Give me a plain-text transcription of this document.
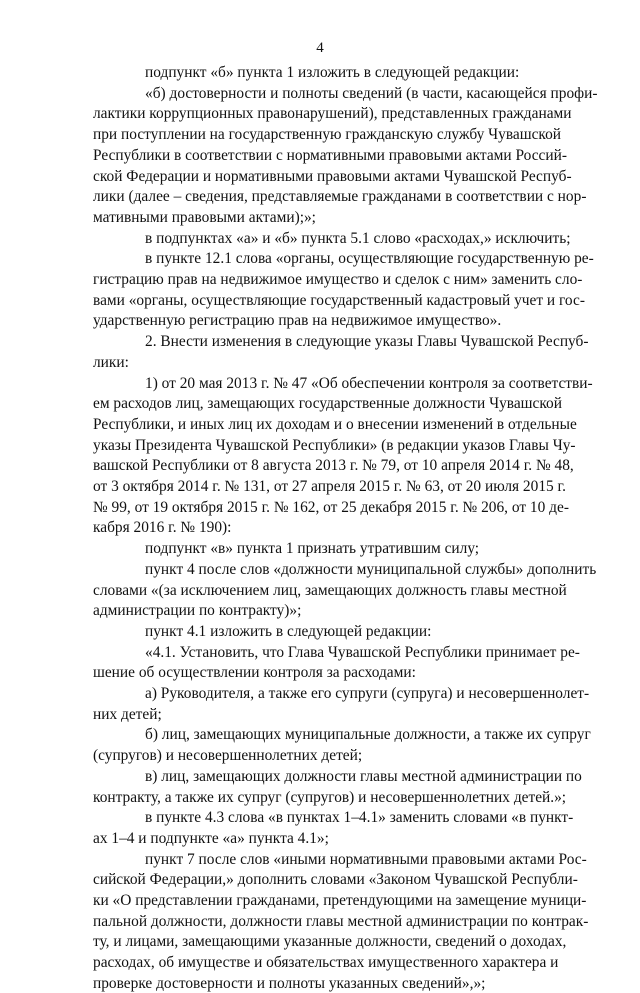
4
подпункт «б» пункта 1 изложить в следующей редакции:
«б) достоверности и полноты сведений (в части, касающейся профи-
лактики коррупционных правонарушений), представленных гражданами
при поступлении на государственную гражданскую службу Чувашской
Республики в соответствии с нормативными правовыми актами Россий-
ской Федерации и нормативными правовыми актами Чувашской Респуб-
лики (далее – сведения, представляемые гражданами в соответствии с нор-
мативными правовыми актами);»;
в подпунктах «а» и «б» пункта 5.1 слово «расходах,» исключить;
в пункте 12.1 слова «органы, осуществляющие государственную ре-
гистрацию прав на недвижимое имущество и сделок с ним» заменить сло-
вами «органы, осуществляющие государственный кадастровый учет и гос-
ударственную регистрацию прав на недвижимое имущество».
2. Внести изменения в следующие указы Главы Чувашской Респуб-
лики:
1) от 20 мая 2013 г. № 47 «Об обеспечении контроля за соответстви-
ем расходов лиц, замещающих государственные должности Чувашской
Республики, и иных лиц их доходам и о внесении изменений в отдельные
указы Президента Чувашской Республики» (в редакции указов Главы Чу-
вашской Республики от 8 августа 2013 г. № 79, от 10 апреля 2014 г. № 48,
от 3 октября 2014 г. № 131, от 27 апреля 2015 г. № 63, от 20 июля 2015 г.
№ 99, от 19 октября 2015 г. № 162, от 25 декабря 2015 г. № 206, от 10 де-
кабря 2016 г. № 190):
подпункт «в» пункта 1 признать утратившим силу;
пункт 4 после слов «должности муниципальной службы» дополнить
словами «(за исключением лиц, замещающих должность главы местной
администрации по контракту)»;
пункт 4.1 изложить в следующей редакции:
«4.1. Установить, что Глава Чувашской Республики принимает ре-
шение об осуществлении контроля за расходами:
а) Руководителя, а также его супруги (супруга) и несовершеннолет-
них детей;
б) лиц, замещающих муниципальные должности, а также их супруг
(супругов) и несовершеннолетних детей;
в) лиц, замещающих должности главы местной администрации по
контракту, а также их супруг (супругов) и несовершеннолетних детей.»;
в пункте 4.3 слова «в пунктах 1–4.1» заменить словами «в пункт-
ах 1–4 и подпункте «а» пункта 4.1»;
пункт 7 после слов «иными нормативными правовыми актами Рос-
сийской Федерации,» дополнить словами «Законом Чувашской Республи-
ки «О представлении гражданами, претендующими на замещение муници-
пальной должности, должности главы местной администрации по контрак-
ту, и лицами, замещающими указанные должности, сведений о доходах,
расходах, об имуществе и обязательствах имущественного характера и
проверке достоверности и полноты указанных сведений»,»;
